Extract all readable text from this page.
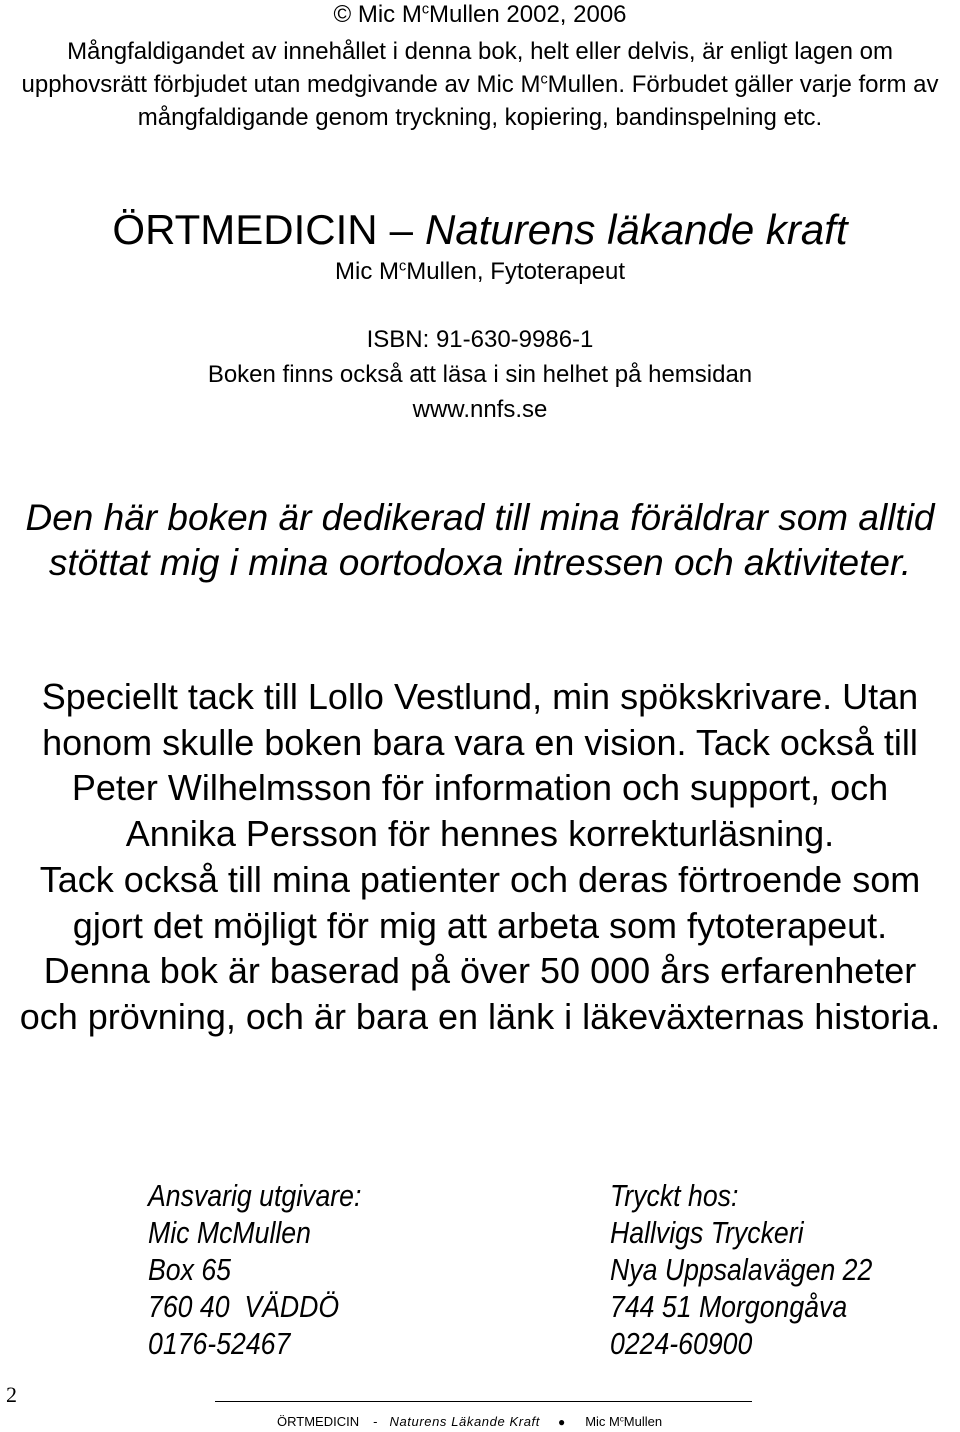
© Mic $M^cMullen$ 2002, 2006
Mångfaldigandet av innehållet i denna bok, helt eller delvis, är enligt lagen om
upphovsrätt förbjudet utan medgivande av Mic $M^cMullen$. Förbudet gäller varje form av
mångfaldigande genom tryckning, kopiering, bandinspelning etc.
ÖRTMEDICIN – Naturens läkande kraft
Mic $M^cMullen$, Fytoterapeut
ISBN: 91-630-9986-1
Boken finns också att läsa i sin helhet på hemsidan
www.nnfs.se
Den här boken är dedikerad till mina föräldrar som alltid
stöttat mig i mina oortodoxa intressen och aktiviteter.
Speciellt tack till Lollo Vestlund, min spökskrivare. Utan
honom skulle boken bara vara en vision. Tack också till
Peter Wilhelmsson för information och support, och
Annika Persson för hennes korrekturläsning.
Tack också till mina patienter och deras förtroende som
gjort det möjligt för mig att arbeta som fytoterapeut.
Denna bok är baserad på över 50 000 års erfarenheter
och prövning, och är bara en länk i läkeväxternas historia.
Ansvarig utgivare:
Mic McMullen
Box 65
760 40  VÄDDÖ
0176-52467
Tryckt hos:
Hallvigs Tryckeri
Nya Uppsalavägen 22
744 51 Morgongåva
0224-60900
2
ÖRTMEDICIN - Naturens Läkande Kraft ● Mic $M^cMullen$
